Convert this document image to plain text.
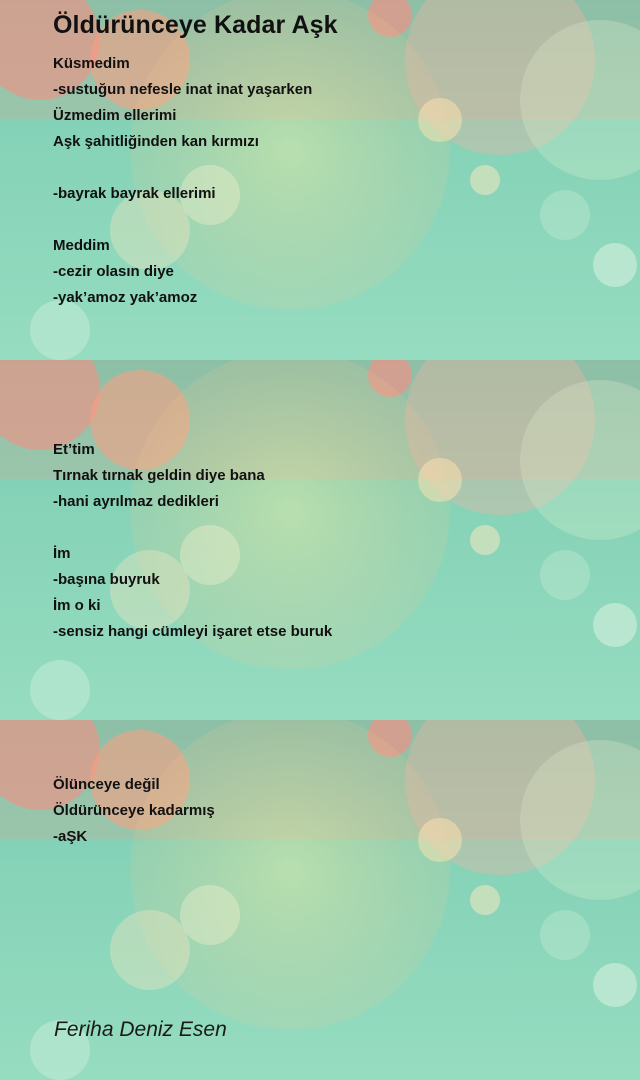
Öldürünceye Kadar Aşk
Küsmedim
-sustuğun nefesle inat inat yaşarken
Üzmedim ellerimi
Aşk şahitliğinden kan kırmızı
-bayrak bayrak ellerimi
Meddim
-cezir olasın diye
-yak’amoz yak’amoz
Et’tim
Tırnak tırnak geldin diye bana
-hani ayrılmaz dedikleri
İm
-başına buyruk
İm o ki
-sensiz hangi cümleyi işaret etse buruk
Ölünceye değil
Öldürünceye kadarmış
-aŞK
Feriha Deniz Esen
